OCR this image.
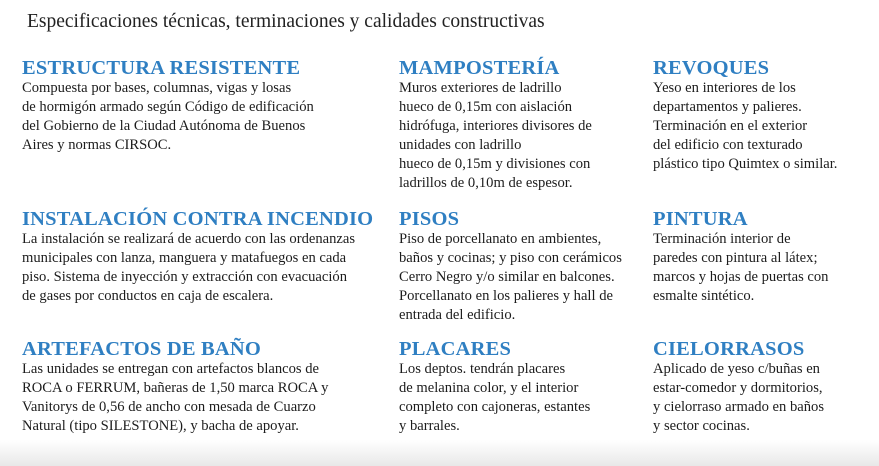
Especificaciones técnicas, terminaciones y calidades constructivas
ESTRUCTURA RESISTENTE
Compuesta por bases, columnas, vigas y losas
de hormigón armado según Código de edificación
del Gobierno de la Ciudad Autónoma de Buenos
Aires y normas CIRSOC.
MAMPOSTERÍA
Muros exteriores de ladrillo
hueco de 0,15m con aislación
hidrófuga, interiores divisores de
unidades con ladrillo
hueco de 0,15m y divisiones con
ladrillos de 0,10m de espesor.
REVOQUES
Yeso en interiores de los
departamentos y palieres.
Terminación en el exterior
del edificio con texturado
plástico tipo Quimtex o similar.
INSTALACIÓN CONTRA INCENDIO
La instalación se realizará de acuerdo con las ordenanzas
municipales con lanza, manguera y matafuegos en cada
piso. Sistema de inyección y extracción con evacuación
de gases por conductos en caja de escalera.
PISOS
Piso de porcellanato en ambientes,
baños y cocinas; y piso con cerámicos
Cerro Negro y/o similar en balcones.
Porcellanato en los palieres y hall de
entrada del edificio.
PINTURA
Terminación interior de
paredes con pintura al látex;
marcos y hojas de puertas con
esmalte sintético.
ARTEFACTOS DE BAÑO
Las unidades se entregan con artefactos blancos de
ROCA o FERRUM, bañeras de 1,50 marca ROCA y
Vanitorys de 0,56 de ancho con mesada de Cuarzo
Natural (tipo SILESTONE), y bacha de apoyar.
PLACARES
Los deptos. tendrán placares
de melanina color, y el interior
completo con cajoneras, estantes
y barrales.
CIELORRASOS
Aplicado de yeso c/buñas en
estar-comedor y dormitorios,
y cielorraso armado en baños
y sector cocinas.
